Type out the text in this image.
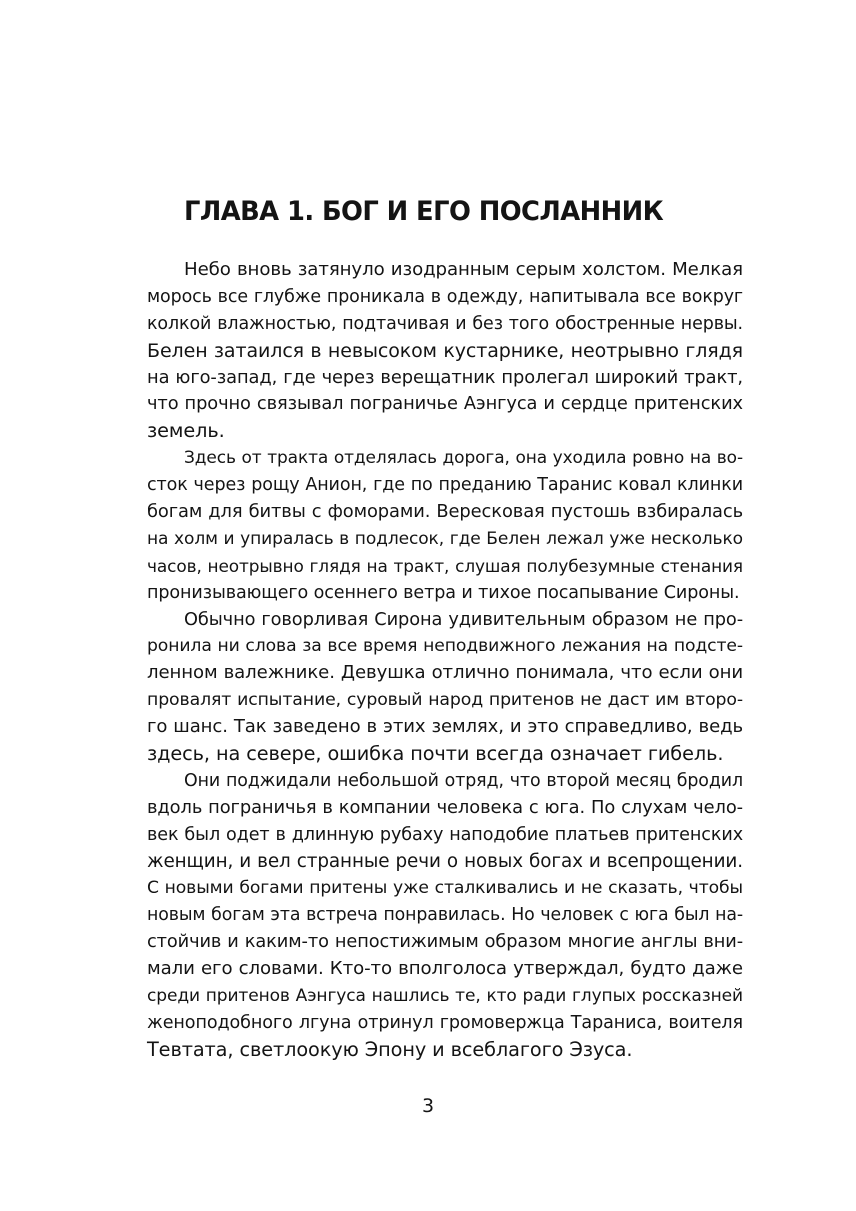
ГЛАВА 1. БОГ И ЕГО ПОСЛАННИК
Небо вновь затянуло изодранным серым холстом. Мелкая
морось все глубже проникала в одежду, напитывала все вокруг
колкой влажностью, подтачивая и без того обостренные нервы.
Белен затаился в невысоком кустарнике, неотрывно глядя
на юго-запад, где через верещатник пролегал широкий тракт,
что прочно связывал пограничье Аэнгуса и сердце притенских
земель.
Здесь от тракта отделялась дорога, она уходила ровно на во-
сток через рощу Анион, где по преданию Таранис ковал клинки
богам для битвы с фоморами. Вересковая пустошь взбиралась
на холм и упиралась в подлесок, где Белен лежал уже несколько
часов, неотрывно глядя на тракт, слушая полубезумные стенания
пронизывающего осеннего ветра и тихое посапывание Сироны.
Обычно говорливая Сирона удивительным образом не про-
ронила ни слова за все время неподвижного лежания на подсте-
ленном валежнике. Девушка отлично понимала, что если они
провалят испытание, суровый народ притенов не даст им второ-
го шанс. Так заведено в этих землях, и это справедливо, ведь
здесь, на севере, ошибка почти всегда означает гибель.
Они поджидали небольшой отряд, что второй месяц бродил
вдоль пограничья в компании человека с юга. По слухам чело-
век был одет в длинную рубаху наподобие платьев притенских
женщин, и вел странные речи о новых богах и всепрощении.
С новыми богами притены уже сталкивались и не сказать, чтобы
новым богам эта встреча понравилась. Но человек с юга был на-
стойчив и каким-то непостижимым образом многие англы вни-
мали его словами. Кто-то вполголоса утверждал, будто даже
среди притенов Аэнгуса нашлись те, кто ради глупых россказней
женоподобного лгуна отринул громовержца Тараниса, воителя
Тевтата, светлоокую Эпону и всеблагого Эзуса.
3
